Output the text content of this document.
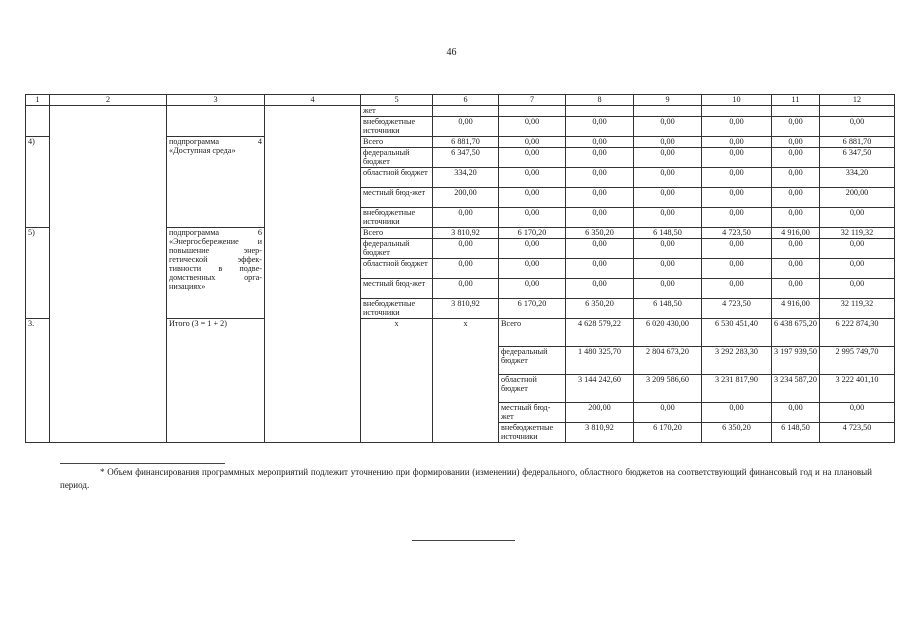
46
1	2	3	4	5	6	7	8	9	10	11	12	
				жет								
				внебюджетные источники	0,00	0,00	0,00	0,00	0,00	0,00	0,00	
4)		подпрограмма 4 «Доступная среда»		Всего	6 881,70	0,00	0,00	0,00	0,00	0,00	6 881,70	
				федеральный бюджет	6 347,50	0,00	0,00	0,00	0,00	0,00	6 347,50	
				областной бюджет	334,20	0,00	0,00	0,00	0,00	0,00	334,20	
				местный бюд-жет	200,00	0,00	0,00	0,00	0,00	0,00	200,00	
				внебюджетные источники	0,00	0,00	0,00	0,00	0,00	0,00	0,00	
5)		подпрограмма 6 «Энергосбережение и повышение энер-гетической эффек-тивности в подве-домственных орга-низациях»		Всего	3 810,92	6 170,20	6 350,20	6 148,50	4 723,50	4 916,00	32 119,32	
				федеральный бюджет	0,00	0,00	0,00	0,00	0,00	0,00	0,00	
				областной бюджет	0,00	0,00	0,00	0,00	0,00	0,00	0,00	
				местный бюд-жет	0,00	0,00	0,00	0,00	0,00	0,00	0,00	
				внебюджетные источники	3 810,92	6 170,20	6 350,20	6 148,50	4 723,50	4 916,00	32 119,32	
3.		Итого (3 = 1 + 2)		х	х	Всего	4 628 579,22	6 020 430,00	6 530 451,40	6 438 675,20	6 222 874,30		
						федеральный бюджет	1 480 325,70	2 804 673,20	3 292 283,30	3 197 939,50	2 995 749,70		
						областной бюджет	3 144 242,60	3 209 586,60	3 231 817,90	3 234 587,20	3 222 401,10		
						местный бюд-жет	200,00	0,00	0,00	0,00	0,00		
						внебюджетные источники	3 810,92	6 170,20	6 350,20	6 148,50	4 723,50		
* Объем финансирования программных мероприятий подлежит уточнению при формировании (изменении) федерального, областного бюджетов на соответствующий финансовый год и на плановый период.
